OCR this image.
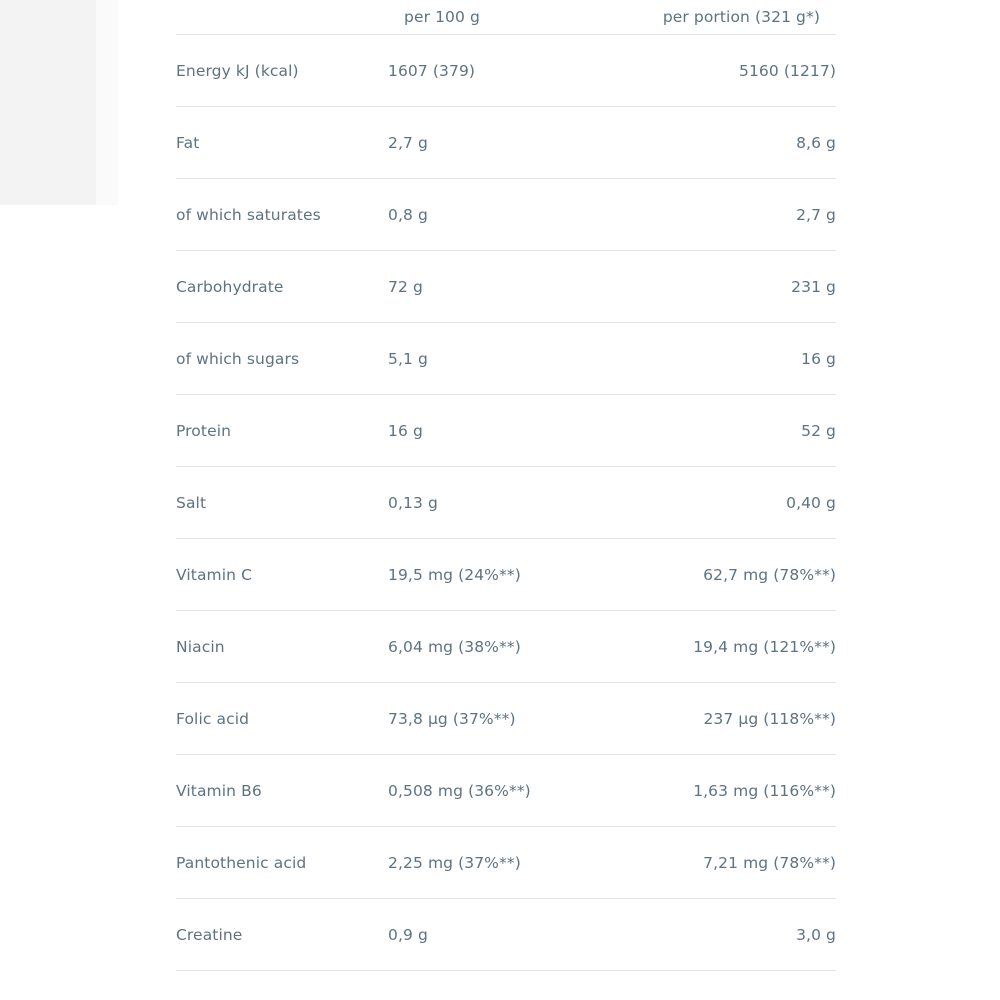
	per 100 g	per portion (321 g*)
Energy kJ (kcal)	1607 (379)	5160 (1217)
Fat	2,7 g	8,6 g
of which saturates	0,8 g	2,7 g
Carbohydrate	72 g	231 g
of which sugars	5,1 g	16 g
Protein	16 g	52 g
Salt	0,13 g	0,40 g
Vitamin C	19,5 mg (24%**)	62,7 mg (78%**)
Niacin	6,04 mg (38%**)	19,4 mg (121%**)
Folic acid	73,8 µg (37%**)	237 µg (118%**)
Vitamin B6	0,508 mg (36%**)	1,63 mg (116%**)
Pantothenic acid	2,25 mg (37%**)	7,21 mg (78%**)
Creatine	0,9 g	3,0 g
